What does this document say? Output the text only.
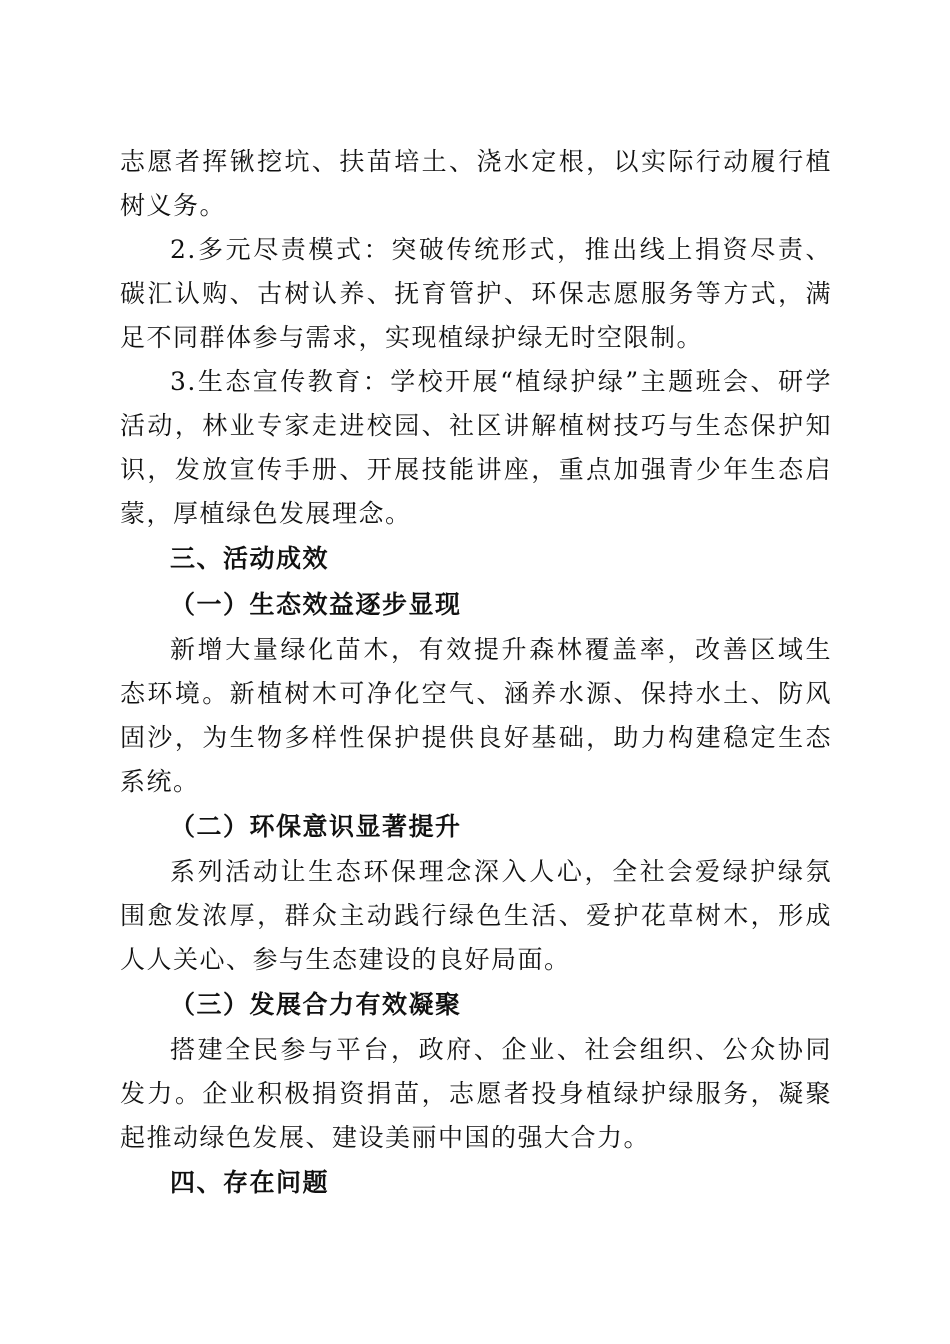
志愿者挥锹挖坑、扶苗培土、浇水定根，以实际行动履行植树义务。

2.多元尽责模式：突破传统形式，推出线上捐资尽责、碳汇认购、古树认养、抚育管护、环保志愿服务等方式，满足不同群体参与需求，实现植绿护绿无时空限制。

3.生态宣传教育：学校开展“植绿护绿”主题班会、研学活动，林业专家走进校园、社区讲解植树技巧与生态保护知识，发放宣传手册、开展技能讲座，重点加强青少年生态启蒙，厚植绿色发展理念。

三、活动成效

（一）生态效益逐步显现

新增大量绿化苗木，有效提升森林覆盖率，改善区域生态环境。新植树木可净化空气、涵养水源、保持水土、防风固沙，为生物多样性保护提供良好基础，助力构建稳定生态系统。

（二）环保意识显著提升

系列活动让生态环保理念深入人心，全社会爱绿护绿氛围愈发浓厚，群众主动践行绿色生活、爱护花草树木，形成人人关心、参与生态建设的良好局面。

（三）发展合力有效凝聚

搭建全民参与平台，政府、企业、社会组织、公众协同发力。企业积极捐资捐苗，志愿者投身植绿护绿服务，凝聚起推动绿色发展、建设美丽中国的强大合力。

四、存在问题
